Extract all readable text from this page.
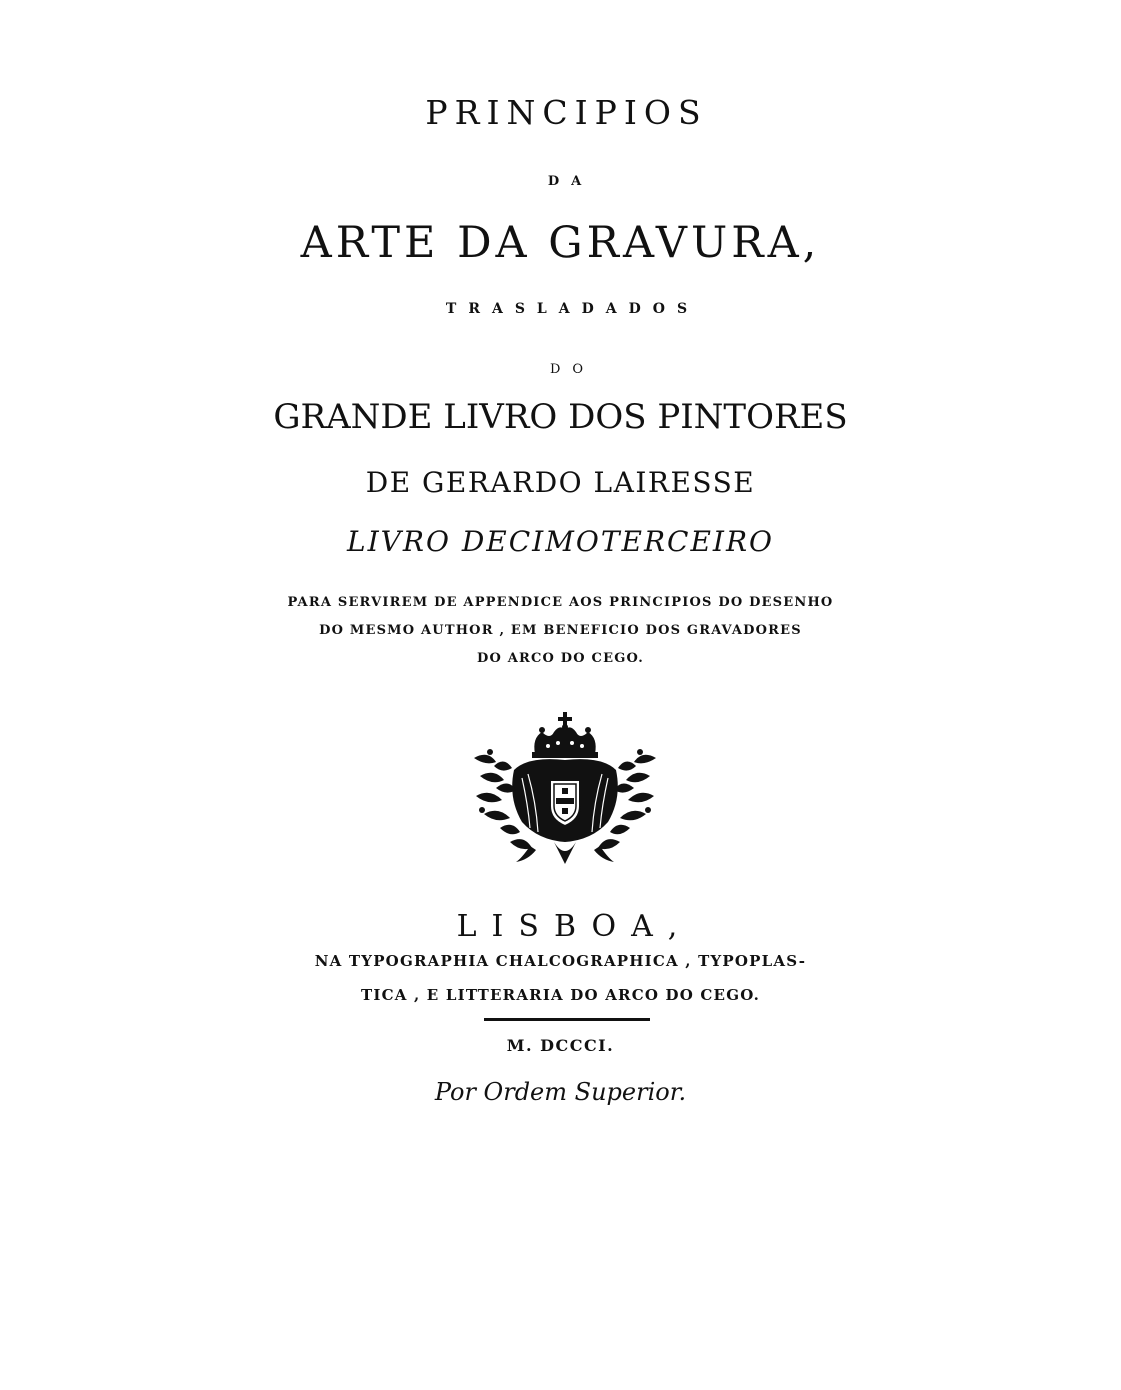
PRINCIPIOS
DA
ARTE DA GRAVURA,
TRASLADADOS
DO
GRANDE LIVRO DOS PINTORES
DE GERARDO LAIRESSE
LIVRO DECIMOTERCEIRO
PARA SERVIREM DE APPENDICE AOS PRINCIPIOS DO DESENHO
DO MESMO AUTHOR , EM BENEFICIO DOS GRAVADORES
DO ARCO DO CEGO.
LISBOA,
NA TYPOGRAPHIA CHALCOGRAPHICA , TYPOPLAS-
TICA , E LITTERARIA DO ARCO DO CEGO.
M. DCCCI.
Por Ordem Superior.
